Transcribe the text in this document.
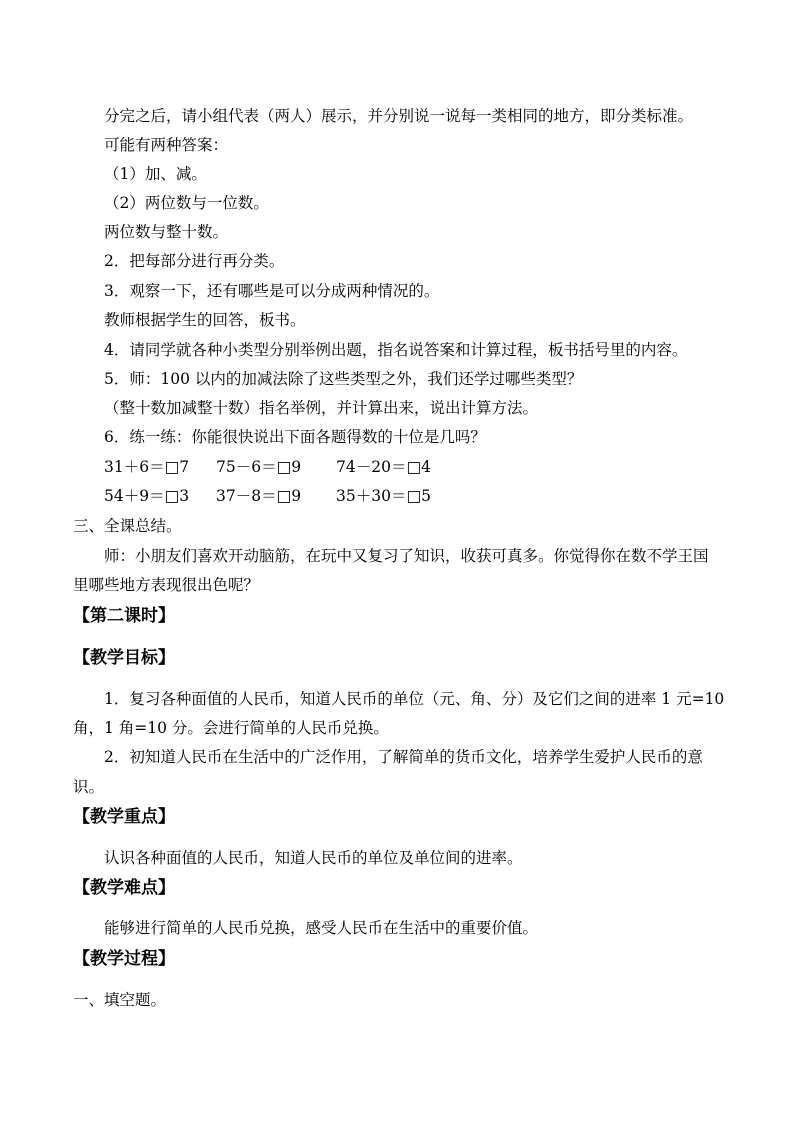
分完之后，请小组代表（两人）展示，并分别说一说每一类相同的地方，即分类标准。
可能有两种答案：
（1）加、减。
（2）两位数与一位数。
两位数与整十数。
2．把每部分进行再分类。
3．观察一下，还有哪些是可以分成两种情况的。
教师根据学生的回答，板书。
4．请同学就各种小类型分别举例出题，指名说答案和计算过程，板书括号里的内容。
5．师：100 以内的加减法除了这些类型之外，我们还学过哪些类型？
（整十数加减整十数）指名举例，并计算出来，说出计算方法。
6．练一练：你能很快说出下面各题得数的十位是几吗？
31＋6＝□7 75－6＝□9 74－20＝□4
54＋9＝□3 37－8＝□9 35＋30＝□5
三、全课总结。
师：小朋友们喜欢开动脑筋，在玩中又复习了知识，收获可真多。你觉得你在数不学王国
里哪些地方表现很出色呢？
【第二课时】
【教学目标】
1．复习各种面值的人民币，知道人民币的单位（元、角、分）及它们之间的进率 1 元=10
角，1 角=10 分。会进行简单的人民币兑换。
2．初知道人民币在生活中的广泛作用，了解简单的货币文化，培养学生爱护人民币的意
识。
【教学重点】
认识各种面值的人民币，知道人民币的单位及单位间的进率。
【教学难点】
能够进行简单的人民币兑换，感受人民币在生活中的重要价值。
【教学过程】
一、填空题。
